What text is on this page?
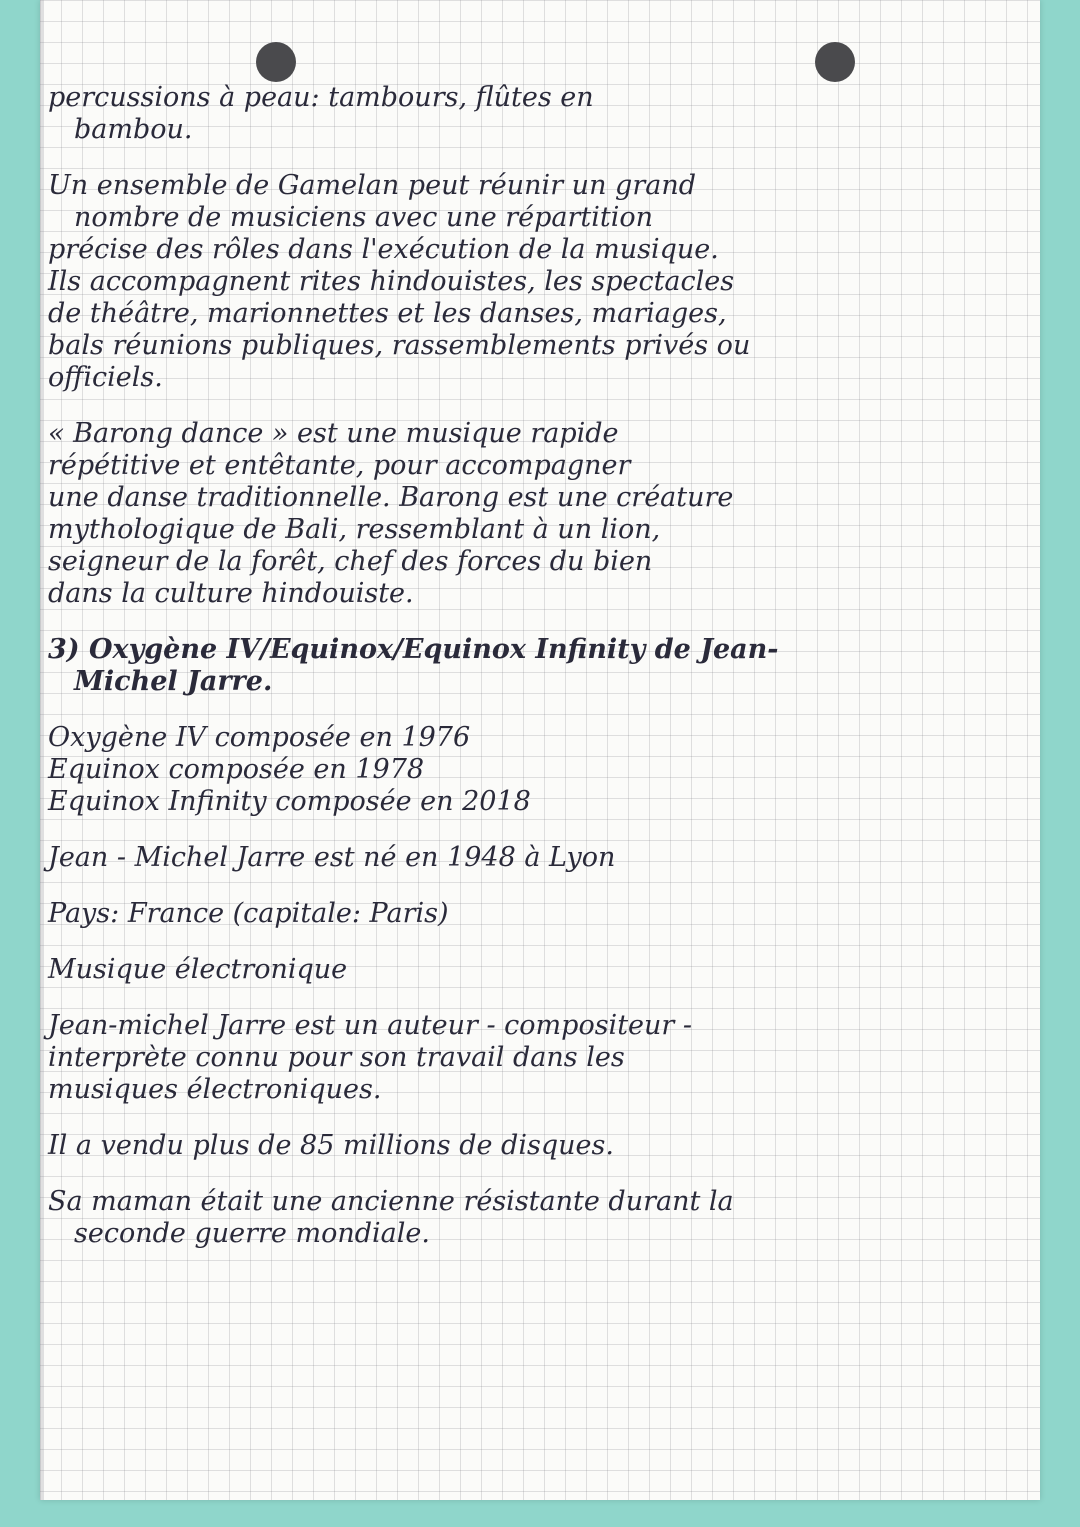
percussions à peau: tambours, flûtes en
bambou.

Un ensemble de Gamelan peut réunir un grand
nombre de musiciens avec une répartition
précise des rôles dans l'exécution de la musique.
Ils accompagnent rites hindouistes, les spectacles
de théâtre, marionnettes et les danses, mariages,
bals réunions publiques, rassemblements privés ou
officiels.

« Barong dance » est une musique rapide
répétitive et entêtante, pour accompagner
une danse traditionnelle. Barong est une créature
mythologique de Bali, ressemblant à un lion,
seigneur de la forêt, chef des forces du bien
dans la culture hindouiste.

3) Oxygène IV/Equinox/Equinox Infinity de Jean-
Michel Jarre.

Oxygène IV composée en 1976
Equinox composée en 1978
Equinox Infinity composée en 2018

Jean - Michel Jarre est né en 1948 à Lyon

Pays: France (capitale: Paris)

Musique électronique

Jean-michel Jarre est un auteur - compositeur -
interprète connu pour son travail dans les
musiques électroniques.

Il a vendu plus de 85 millions de disques.

Sa maman était une ancienne résistante durant la
seconde guerre mondiale.
